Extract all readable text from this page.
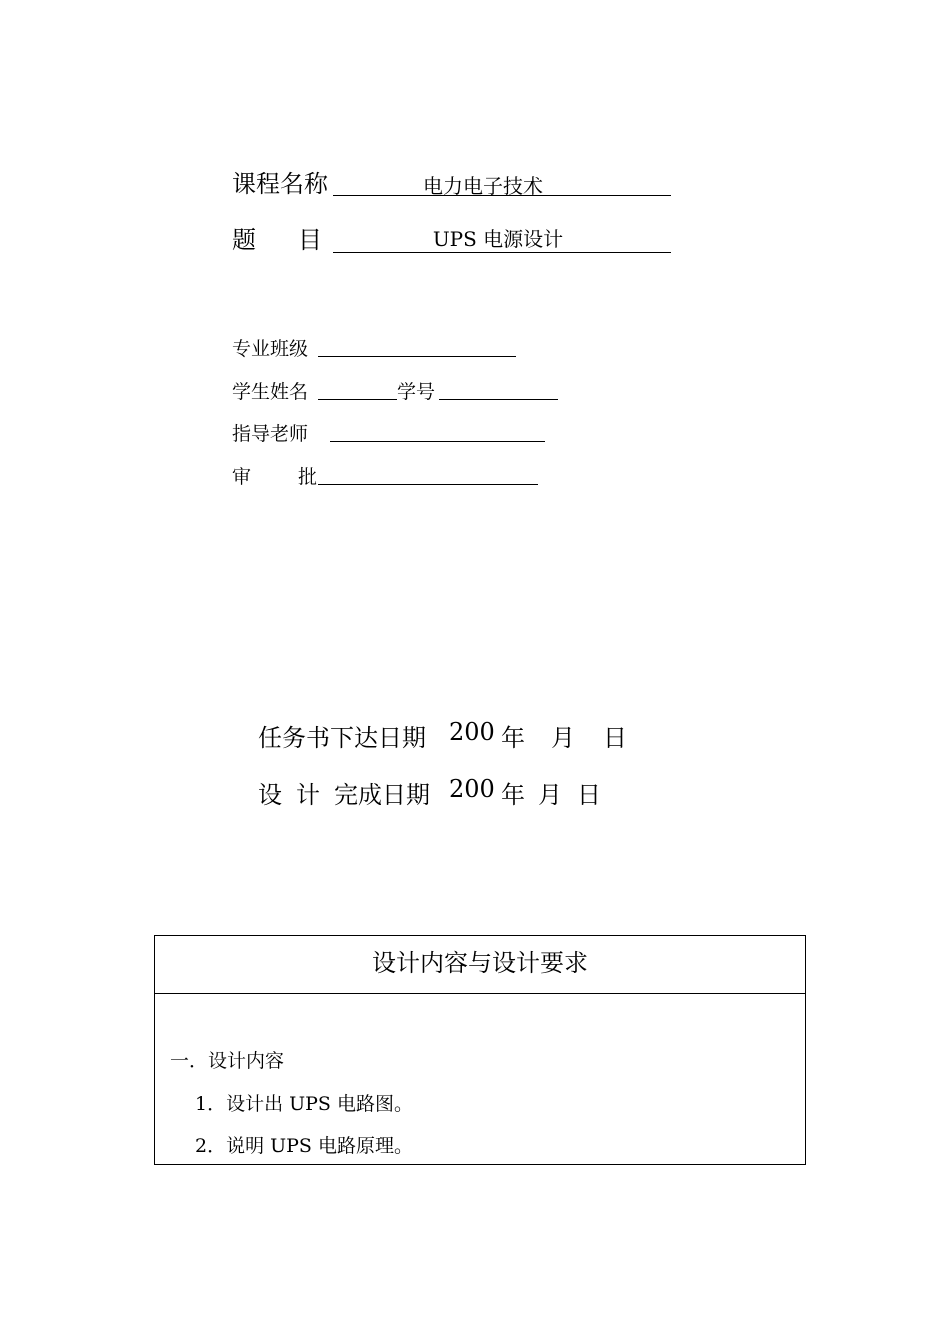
课程名称	电力电子技术
题 目	UPS 电源设计
专业班级
学生姓名	学号
指导老师
审 批
任务书下达日期 200 年 月 日
设 计 完成日期 200 年 月 日
设计内容与设计要求
一．设计内容
1．设计出 UPS 电路图。
2．说明 UPS 电路原理。
